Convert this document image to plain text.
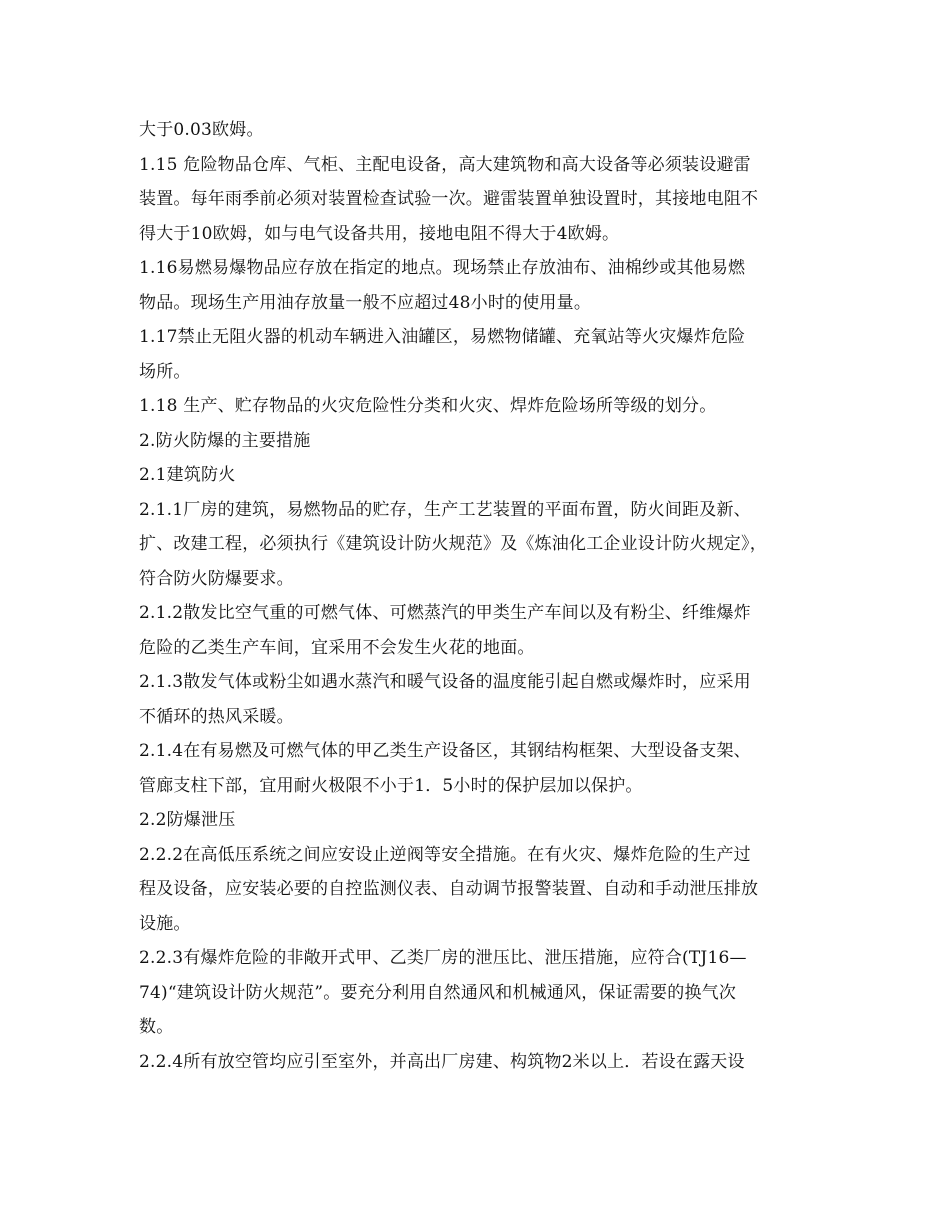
大于0.03欧姆。
1.15 危险物品仓库、气柜、主配电设备，高大建筑物和高大设备等必须装设避雷
装置。每年雨季前必须对装置检查试验一次。避雷装置单独设置时，其接地电阻不
得大于10欧姆，如与电气设备共用，接地电阻不得大于4欧姆。
1.16易燃易爆物品应存放在指定的地点。现场禁止存放油布、油棉纱或其他易燃
物品。现场生产用油存放量一般不应超过48小时的使用量。
1.17禁止无阻火器的机动车辆进入油罐区，易燃物储罐、充氧站等火灾爆炸危险
场所。
1.18 生产、贮存物品的火灾危险性分类和火灾、焊炸危险场所等级的划分。
2.防火防爆的主要措施
2.1建筑防火
2.1.1厂房的建筑，易燃物品的贮存，生产工艺装置的平面布置，防火间距及新、
扩、改建工程，必须执行《建筑设计防火规范》及《炼油化工企业设计防火规定》，
符合防火防爆要求。
2.1.2散发比空气重的可燃气体、可燃蒸汽的甲类生产车间以及有粉尘、纤维爆炸
危险的乙类生产车间，宜采用不会发生火花的地面。
2.1.3散发气体或粉尘如遇水蒸汽和暖气设备的温度能引起自燃或爆炸时，应采用
不循环的热风采暖。
2.1.4在有易燃及可燃气体的甲乙类生产设备区，其钢结构框架、大型设备支架、
管廊支柱下部，宜用耐火极限不小于1．5小时的保护层加以保护。
2.2防爆泄压
2.2.2在高低压系统之间应安设止逆阀等安全措施。在有火灾、爆炸危险的生产过
程及设备，应安装必要的自控监测仪表、自动调节报警装置、自动和手动泄压排放
设施。
2.2.3有爆炸危险的非敞开式甲、乙类厂房的泄压比、泄压措施，应符合(TJ16—
74)“建筑设计防火规范”。要充分利用自然通风和机械通风，保证需要的换气次
数。
2.2.4所有放空管均应引至室外，并高出厂房建、构筑物2米以上．若设在露天设
